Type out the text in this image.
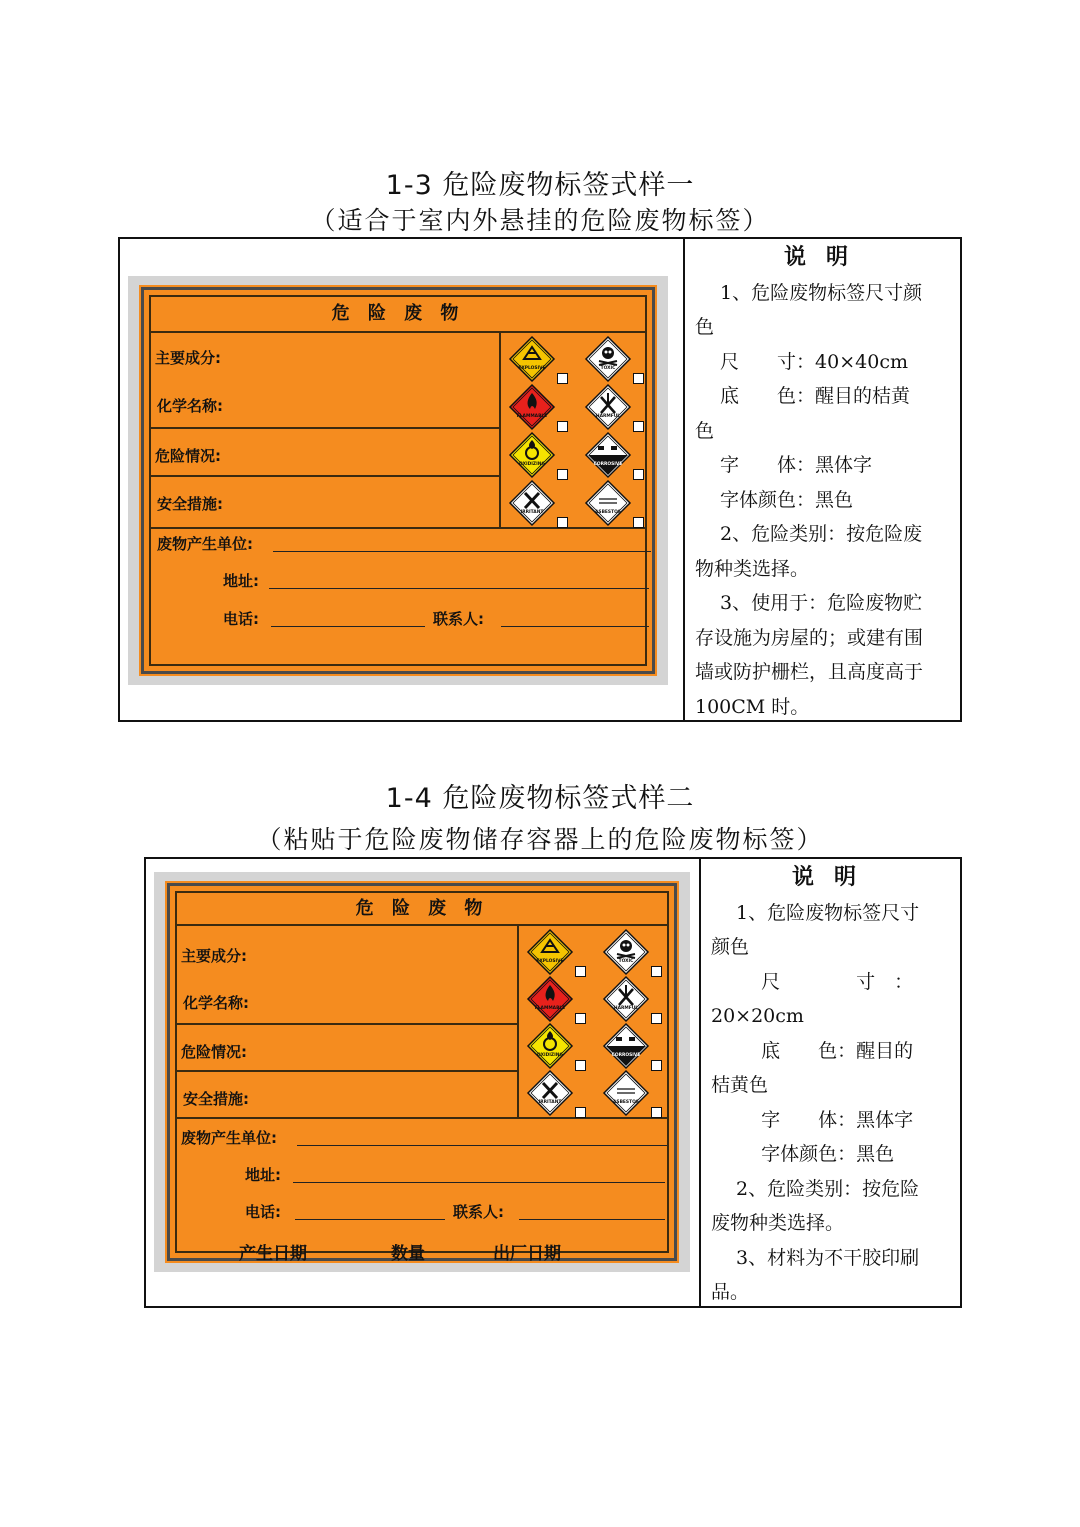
1-3 危险废物标签式样一
（适合于室内外悬挂的危险废物标签）
危 险 废 物
主要成分:
化学名称:
危险情况:
安全措施:
废物产生单位:
地址:
电话:	联系人:
EXPLOSIVE	TOXIC
FLAMMABLE	HARMFUL
OXIDIZING	CORROSIVE
IRRITANT	ASBESTOS
说明

　 1、危险废物标签尺寸颜

色

　 尺　　寸：40×40cm

　 底　　色：醒目的桔黄

色

　 字　　体：黑体字

　 字体颜色：黑色

　 2、危险类别：按危险废

物种类选择。

　 3、使用于：危险废物贮

存设施为房屋的；或建有围

墙或防护栅栏，且高度高于

100CM 时。

1-4 危险废物标签式样二
（粘贴于危险废物储存容器上的危险废物标签）
危 险 废 物
主要成分:
化学名称:
危险情况:
安全措施:
废物产生单位:
地址:
电话:	联系人:
产生日期	数量	出厂日期
EXPLOSIVE	TOXIC
FLAMMABLE	HARMFUL
OXIDIZING	CORROSIVE
IRRITANT	ASBESTOS
说明

　 1、危险废物标签尺寸

颜色

　 　 尺　　　　寸　：

20×20cm

　 　 底　　色：醒目的

桔黄色

　 　 字　　体：黑体字

　 　 字体颜色：黑色

　 2、危险类别：按危险

废物种类选择。

　 3、材料为不干胶印刷

品。
